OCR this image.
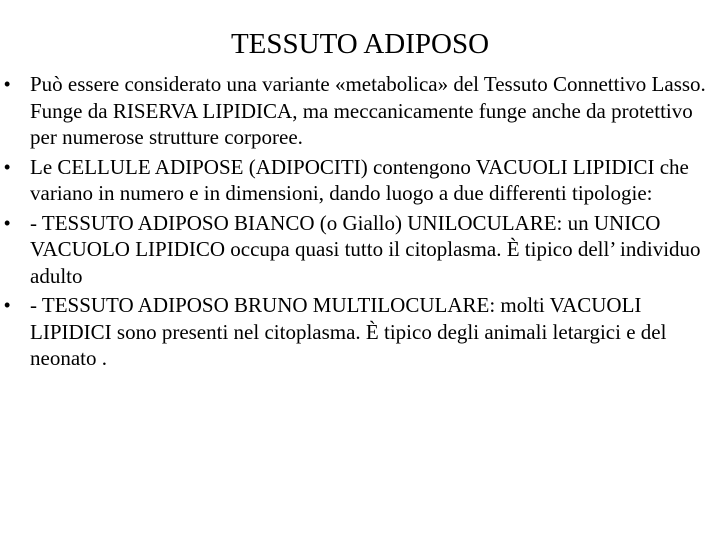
TESSUTO ADIPOSO
• Può essere considerato una variante «metabolica» del Tessuto Connettivo Lasso. Funge da RISERVA LIPIDICA, ma meccanicamente funge anche da protettivo per numerose strutture corporee.
• Le CELLULE ADIPOSE (ADIPOCITI) contengono VACUOLI LIPIDICI che variano in numero e in dimensioni, dando luogo a due differenti tipologie:
• - TESSUTO ADIPOSO BIANCO (o Giallo) UNILOCULARE: un UNICO VACUOLO LIPIDICO occupa quasi tutto il citoplasma. È tipico dell’ individuo adulto
• - TESSUTO ADIPOSO BRUNO MULTILOCULARE: molti VACUOLI LIPIDICI sono presenti nel citoplasma. È tipico degli animali letargici e del neonato .
